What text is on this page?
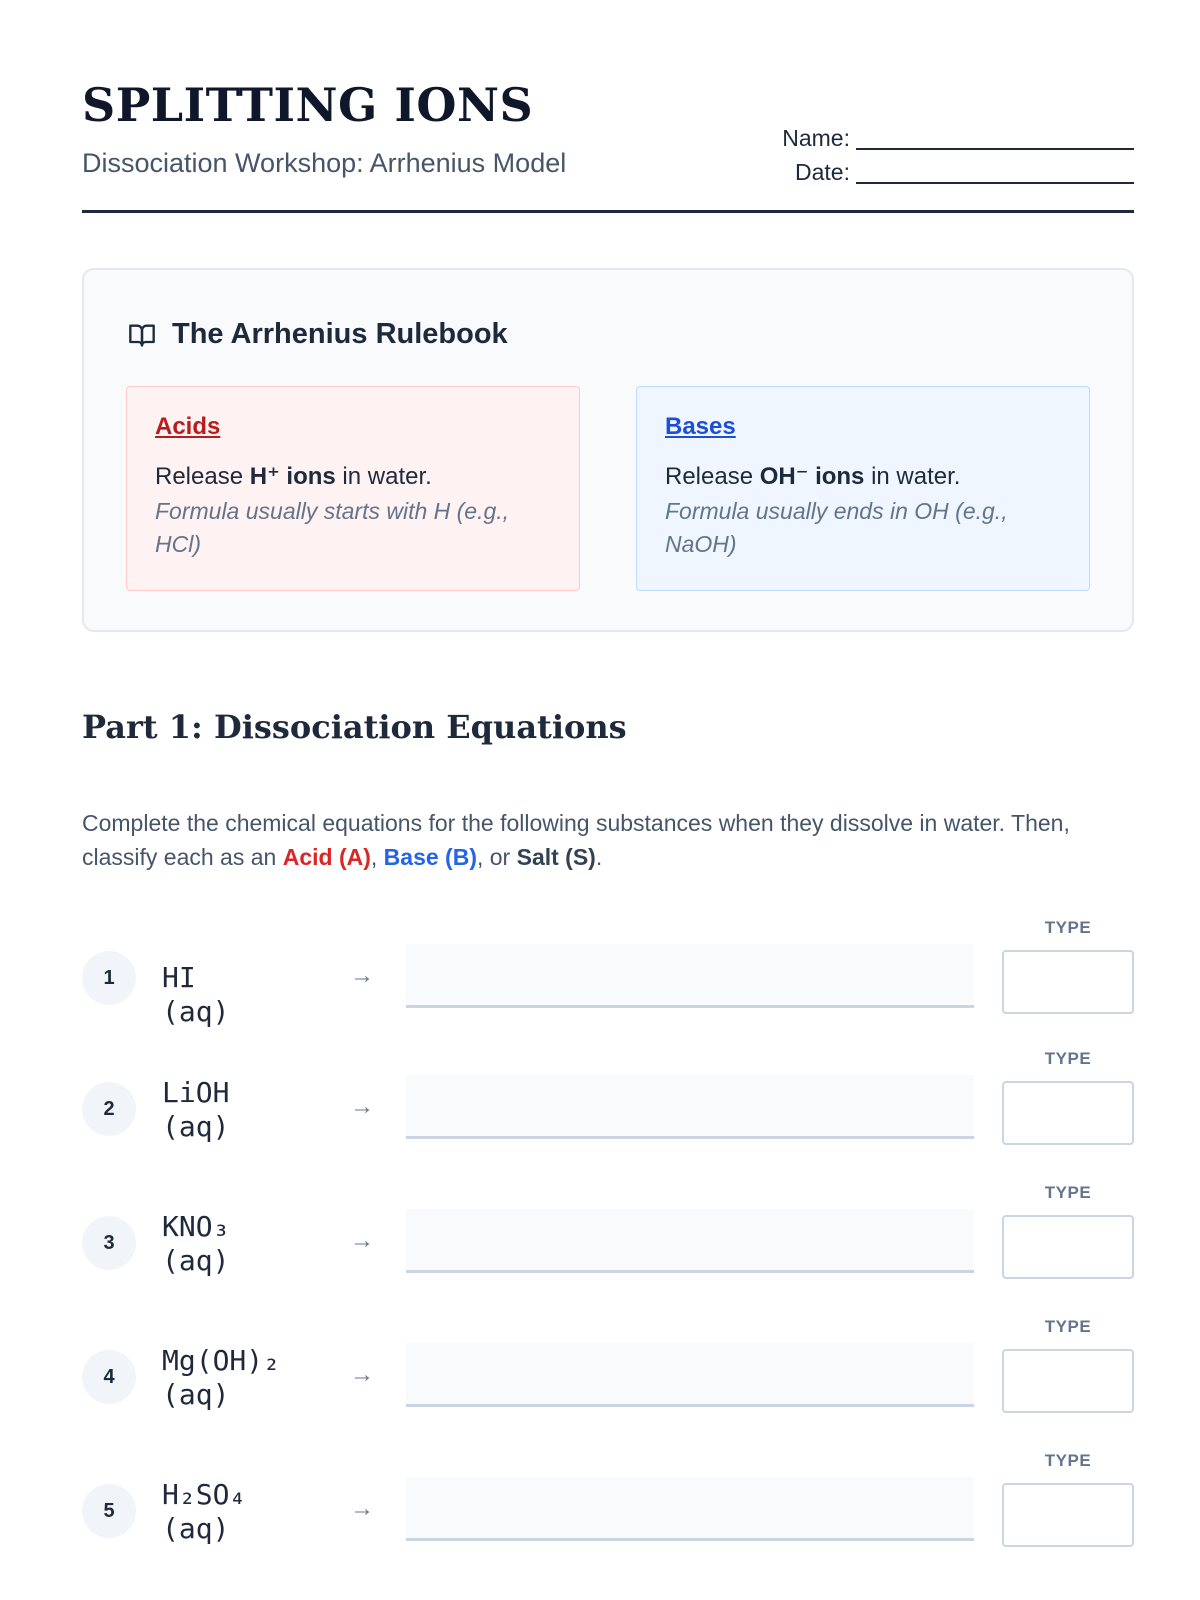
SPLITTING IONS
Dissociation Workshop: Arrhenius Model
Name:
Date:
The Arrhenius Rulebook
Acids
Release H⁺ ions in water.
Formula usually starts with H (e.g., HCl)
Bases
Release OH⁻ ions in water.
Formula usually ends in OH (e.g., NaOH)
Part 1: Dissociation Equations
Complete the chemical equations for the following substances when they dissolve in water. Then, classify each as an Acid (A), Base (B), or Salt (S).
1	HI (aq)
→
TYPE
2	LiOH (aq)
→
TYPE
3	KNO₃ (aq)
→
TYPE
4	Mg(OH)₂ (aq)
→
TYPE
5	H₂SO₄ (aq)
→
TYPE
